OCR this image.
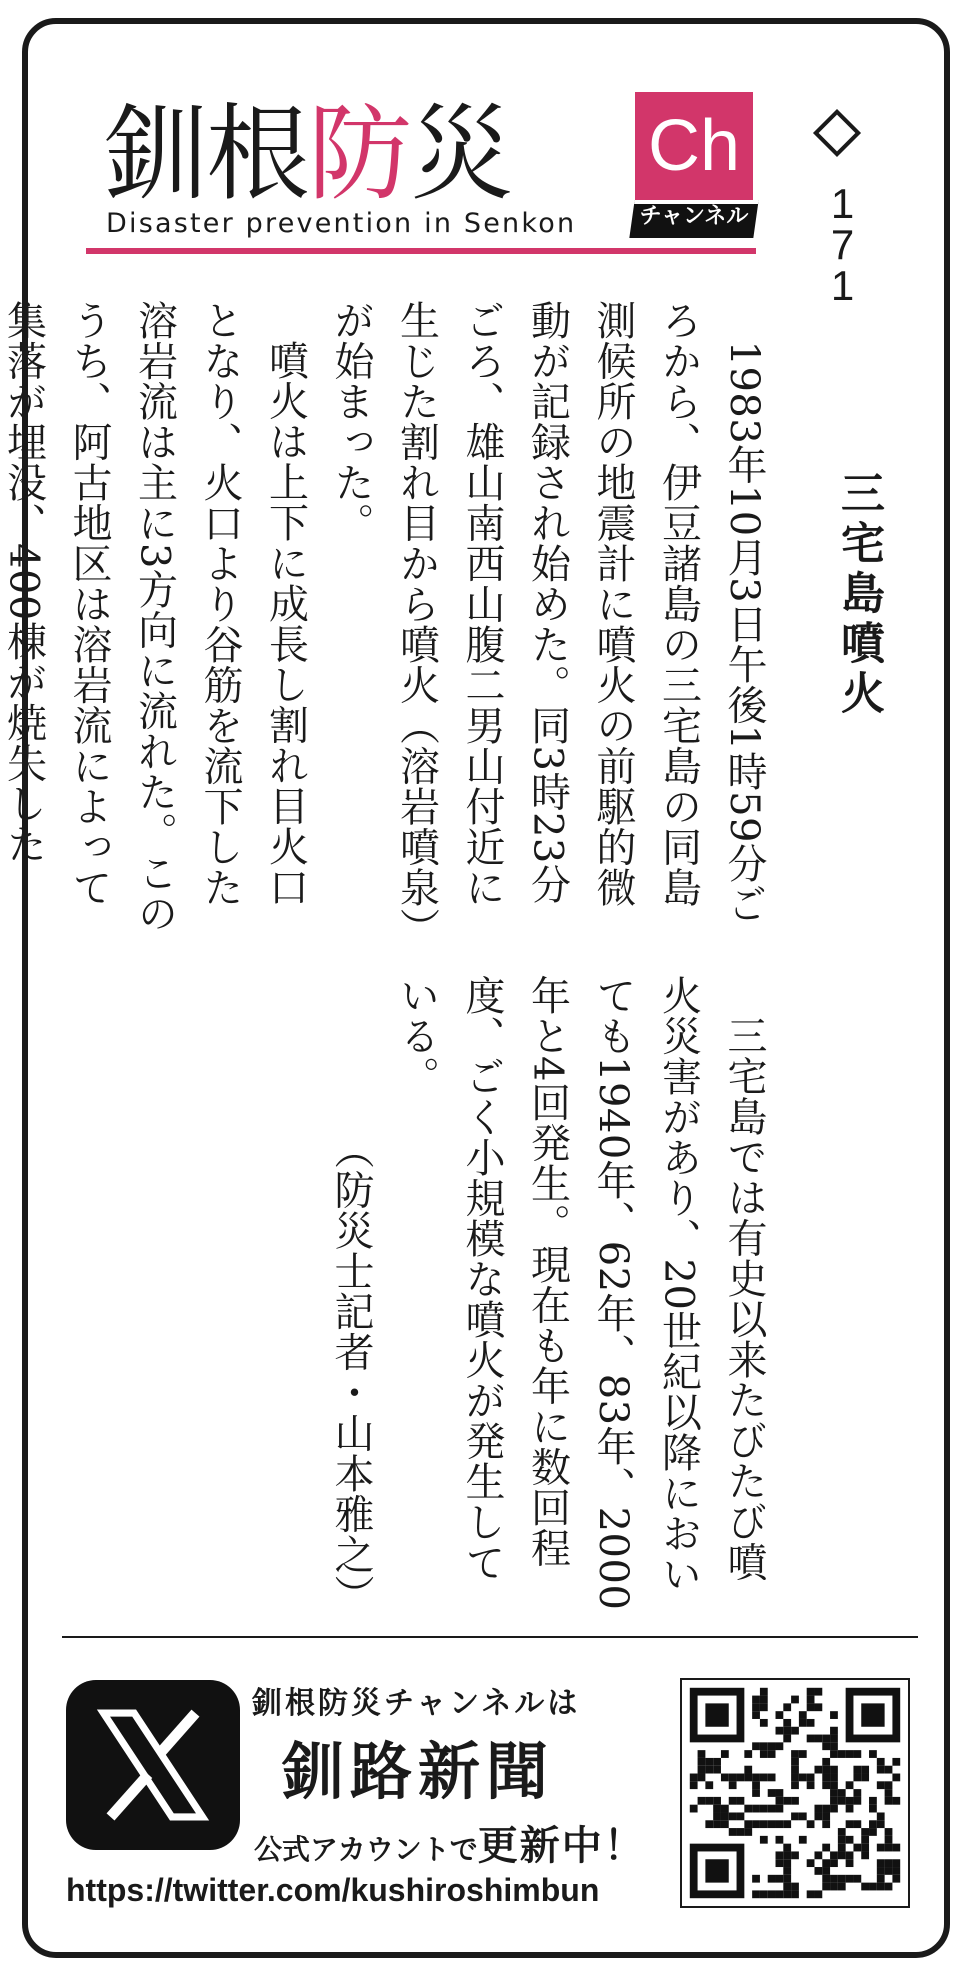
釧 根 防 災 Ch
チャンネル
Disaster prevention in Senkon	171
三宅島噴火

　1983年10月3日午後1時59分ごろから、伊豆諸島の三宅島の同島測候所の地震計に噴火の前駆的微動が記録され始めた。同3時23分ごろ、雄山南西山腹二男山付近に生じた割れ目から噴火（溶岩噴泉）が始まった。

噴火は上下に成長し割れ目火口となり、火口より谷筋を流下した溶岩流は主に3方向に流れた。このうち、阿古地区は溶岩流によって集落が埋没、400棟が焼失した

三宅島では有史以来たびたび噴火災害があり、20世紀以降においても1940年、62年、83年、2000年と4回発生。現在も年に数回程度、ごく小規模な噴火が発生している。

（防災士記者・山本雅之）

釧根防災チャンネルは
釧路新聞
公式アカウントで更新中！
https://twitter.com/kushiroshimbun
